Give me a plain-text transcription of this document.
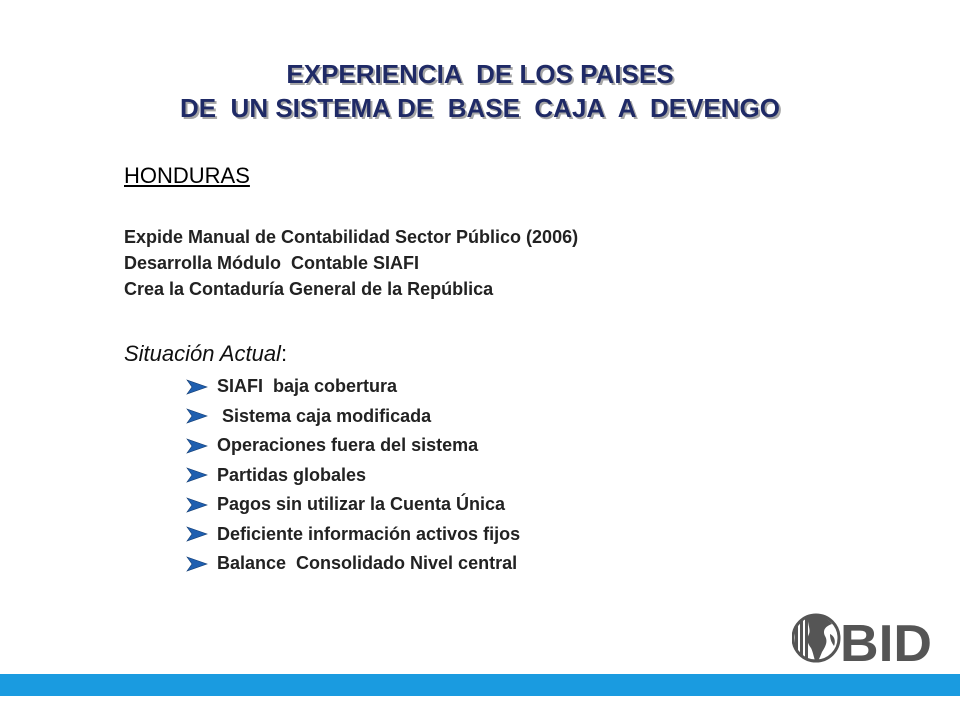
EXPERIENCIA  DE LOS PAISES
DE  UN SISTEMA DE  BASE  CAJA  A  DEVENGO
HONDURAS
Expide Manual de Contabilidad Sector Público (2006)
Desarrolla Módulo  Contable SIAFI
Crea la Contaduría General de la República
Situación Actual:
SIAFI  baja cobertura
Sistema caja modificada
Operaciones fuera del sistema
Partidas globales
Pagos sin utilizar la Cuenta Única
Deficiente información activos fijos
Balance  Consolidado Nivel central
BID
